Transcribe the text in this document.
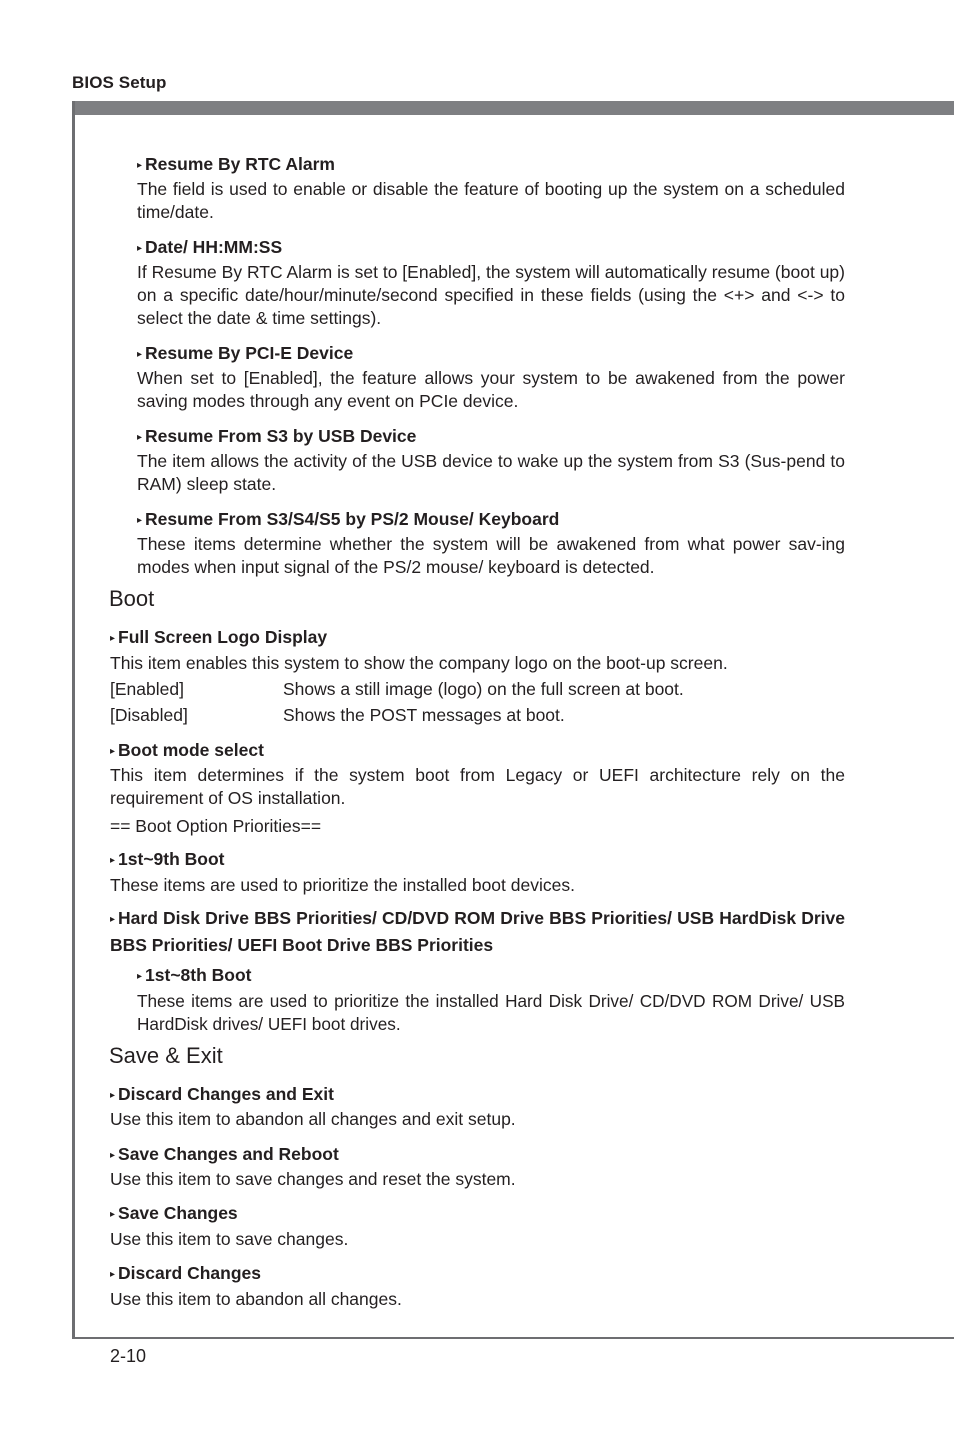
BIOS Setup
▸ Resume By RTC Alarm
The field is used to enable or disable the feature of booting up the system on a scheduled time/date.
▸ Date/ HH:MM:SS
If Resume By RTC Alarm is set to [Enabled], the system will automatically resume (boot up) on a specific date/hour/minute/second specified in these fields (using the <+> and <-> to select the date & time settings).
▸ Resume By PCI-E Device
When set to [Enabled], the feature allows your system to be awakened from the power saving modes through any event on PCIe device.
▸ Resume From S3 by USB Device
The item allows the activity of the USB device to wake up the system from S3 (Sus-pend to RAM) sleep state.
▸ Resume From S3/S4/S5 by PS/2 Mouse/ Keyboard
These items determine whether the system will be awakened from what power sav-ing modes when input signal of the PS/2 mouse/ keyboard is detected.
Boot
▸ Full Screen Logo Display
This item enables this system to show the company logo on the boot-up screen.
[Enabled]	Shows a still image (logo) on the full screen at boot.
[Disabled]	Shows the POST messages at boot.
▸ Boot mode select
This item determines if the system boot from Legacy or UEFI architecture rely on the requirement of OS installation.
== Boot Option Priorities==
▸ 1st~9th Boot
These items are used to prioritize the installed boot devices.
▸ Hard Disk Drive BBS Priorities/ CD/DVD ROM Drive BBS Priorities/ USB HardDisk Drive BBS Priorities/ UEFI Boot Drive BBS Priorities
▸ 1st~8th Boot
These items are used to prioritize the installed Hard Disk Drive/ CD/DVD ROM Drive/ USB HardDisk drives/ UEFI boot drives.
Save & Exit
▸ Discard Changes and Exit
Use this item to abandon all changes and exit setup.
▸ Save Changes and Reboot
Use this item to save changes and reset the system.
▸ Save Changes
Use this item to save changes.
▸ Discard Changes
Use this item to abandon all changes.
2-10
